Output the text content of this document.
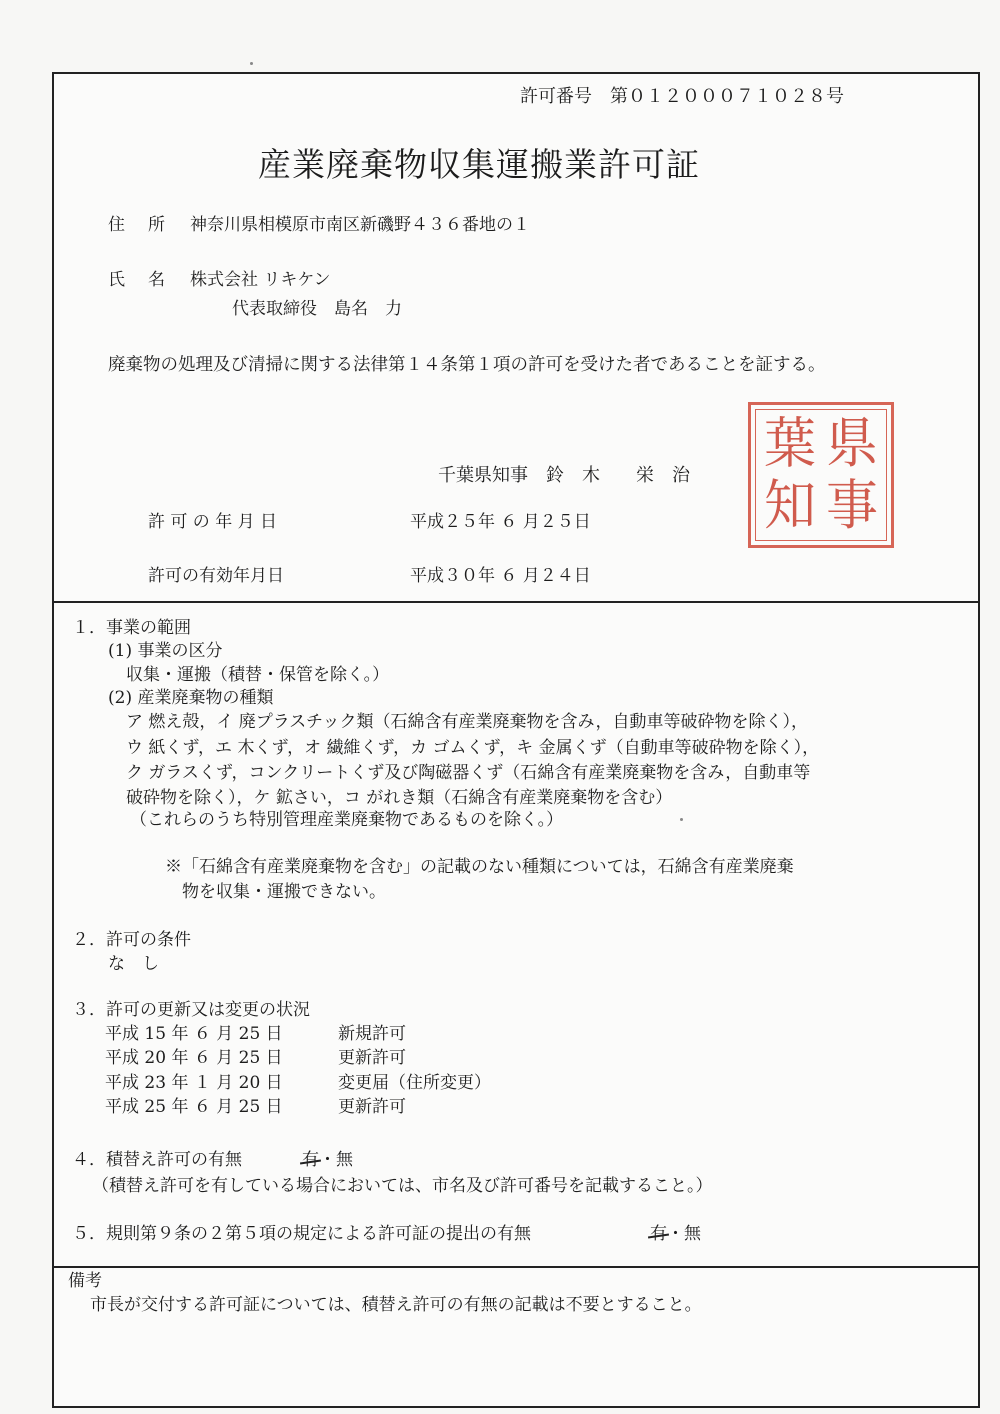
許可番号　第０１２０００７１０２８号
産業廃棄物収集運搬業許可証
住　所 神奈川県相模原市南区新磯野４３６番地の１
氏　名 株式会社 リキケン
代表取締役　島名　力
廃棄物の処理及び清掃に関する法律第１４条第１項の許可を受けた者であることを証する。
葉 県
知 事
千葉県知事　鈴　木　　栄　治
許 可 の 年 月 日	平成２５年 ６ 月２５日
許可の有効年月日	平成３０年 ６ 月２４日
１．事業の範囲
(1) 事業の区分
収集・運搬（積替・保管を除く。）
(2) 産業廃棄物の種類
ア 燃え殻，イ 廃プラスチック類（石綿含有産業廃棄物を含み，自動車等破砕物を除く），
ウ 紙くず，エ 木くず，オ 繊維くず，カ ゴムくず，キ 金属くず（自動車等破砕物を除く），
ク ガラスくず，コンクリートくず及び陶磁器くず（石綿含有産業廃棄物を含み，自動車等
破砕物を除く），ケ 鉱さい，コ がれき類（石綿含有産業廃棄物を含む）
（これらのうち特別管理産業廃棄物であるものを除く。）
※「石綿含有産業廃棄物を含む」の記載のない種類については，石綿含有産業廃棄
物を収集・運搬できない。
２．許可の条件
な　し
３．許可の更新又は変更の状況
平成 15 年 ６ 月 25 日	新規許可
平成 20 年 ６ 月 25 日	更新許可
平成 23 年 １ 月 20 日	変更届（住所変更）
平成 25 年 ６ 月 25 日	更新許可
４．積替え許可の有無	有・無
（積替え許可を有している場合においては、市名及び許可番号を記載すること。）
５．規則第９条の２第５項の規定による許可証の提出の有無	有・無
備考
市長が交付する許可証については、積替え許可の有無の記載は不要とすること。
